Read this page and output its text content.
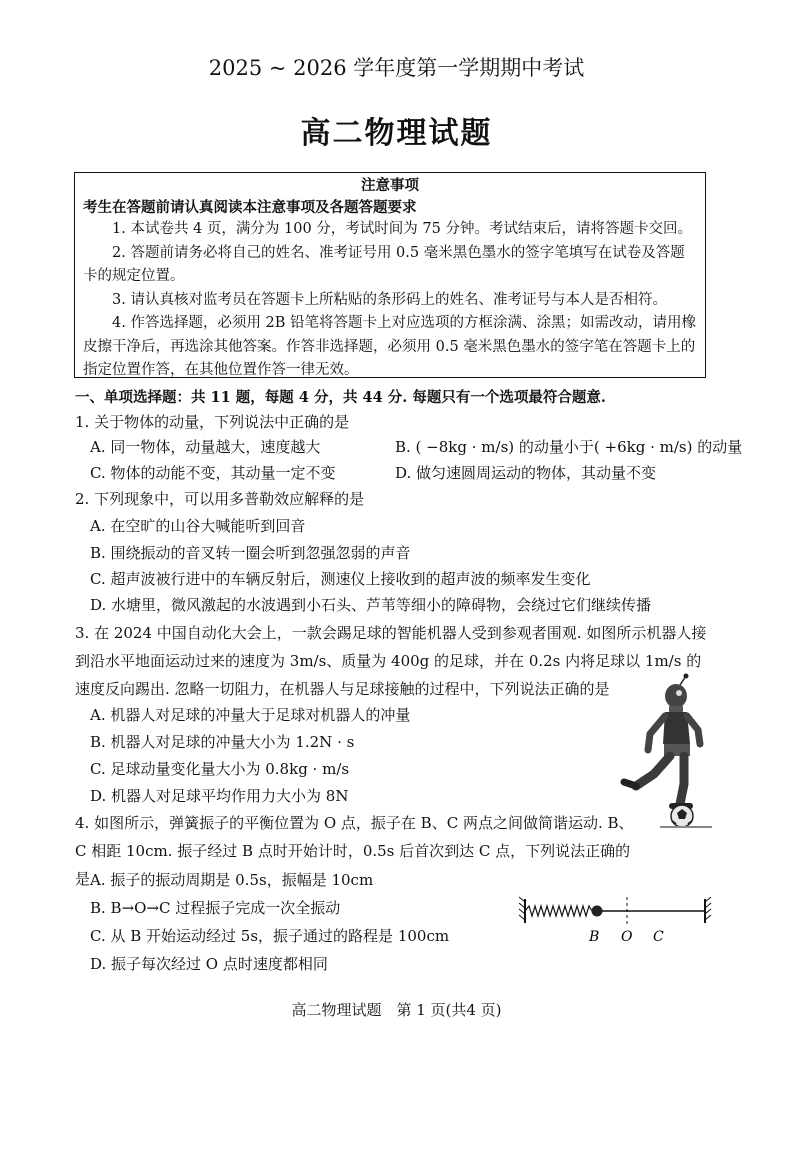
2025 ~ 2026 学年度第一学期期中考试
高二物理试题
注意事项
考生在答题前请认真阅读本注意事项及各题答题要求

1. 本试卷共 4 页，满分为 100 分，考试时间为 75 分钟。考试结束后，请将答题卡交回。

2. 答题前请务必将自己的姓名、准考证号用 0.5 毫米黑色墨水的签字笔填写在试卷及答题卡的规定位置。

3. 请认真核对监考员在答题卡上所粘贴的条形码上的姓名、准考证号与本人是否相符。

4. 作答选择题，必须用 2B 铅笔将答题卡上对应选项的方框涂满、涂黑；如需改动，请用橡皮擦干净后，再选涂其他答案。作答非选择题，必须用 0.5 毫米黑色墨水的签字笔在答题卡上的指定位置作答，在其他位置作答一律无效。

一、单项选择题：共 11 题，每题 4 分，共 44 分. 每题只有一个选项最符合题意.
1. 关于物体的动量，下列说法中正确的是
A. 同一物体，动量越大，速度越大	B. ( −8kg · m/s) 的动量小于( +6kg · m/s) 的动量
C. 物体的动能不变，其动量一定不变	D. 做匀速圆周运动的物体，其动量不变
2. 下列现象中，可以用多普勒效应解释的是
A. 在空旷的山谷大喊能听到回音
B. 围绕振动的音叉转一圈会听到忽强忽弱的声音
C. 超声波被行进中的车辆反射后，测速仪上接收到的超声波的频率发生变化
D. 水塘里，微风激起的水波遇到小石头、芦苇等细小的障碍物，会绕过它们继续传播
3. 在 2024 中国自动化大会上，一款会踢足球的智能机器人受到参观者围观. 如图所示机器人接到沿水平地面运动过来的速度为 3m/s、质量为 400g 的足球，并在 0.2s 内将足球以 1m/s 的速度反向踢出. 忽略一切阻力，在机器人与足球接触的过程中，下列说法正确的是
A. 机器人对足球的冲量大于足球对机器人的冲量
B. 机器人对足球的冲量大小为 1.2N · s
C. 足球动量变化量大小为 0.8kg · m/s
D. 机器人对足球平均作用力大小为 8N
4. 如图所示，弹簧振子的平衡位置为 O 点，振子在 B、C 两点之间做简谐运动. B、C 相距 10cm. 振子经过 B 点时开始计时，0.5s 后首次到达 C 点，下列说法正确的是 A. 振子的振动周期是 0.5s，振幅是 10cm
B. B→O→C 过程振子完成一次全振动
C. 从 B 开始运动经过 5s，振子通过的路程是 100cm
D. 振子每次经过 O 点时速度都相同
B O C
高二物理试题　第 1 页(共4 页)
